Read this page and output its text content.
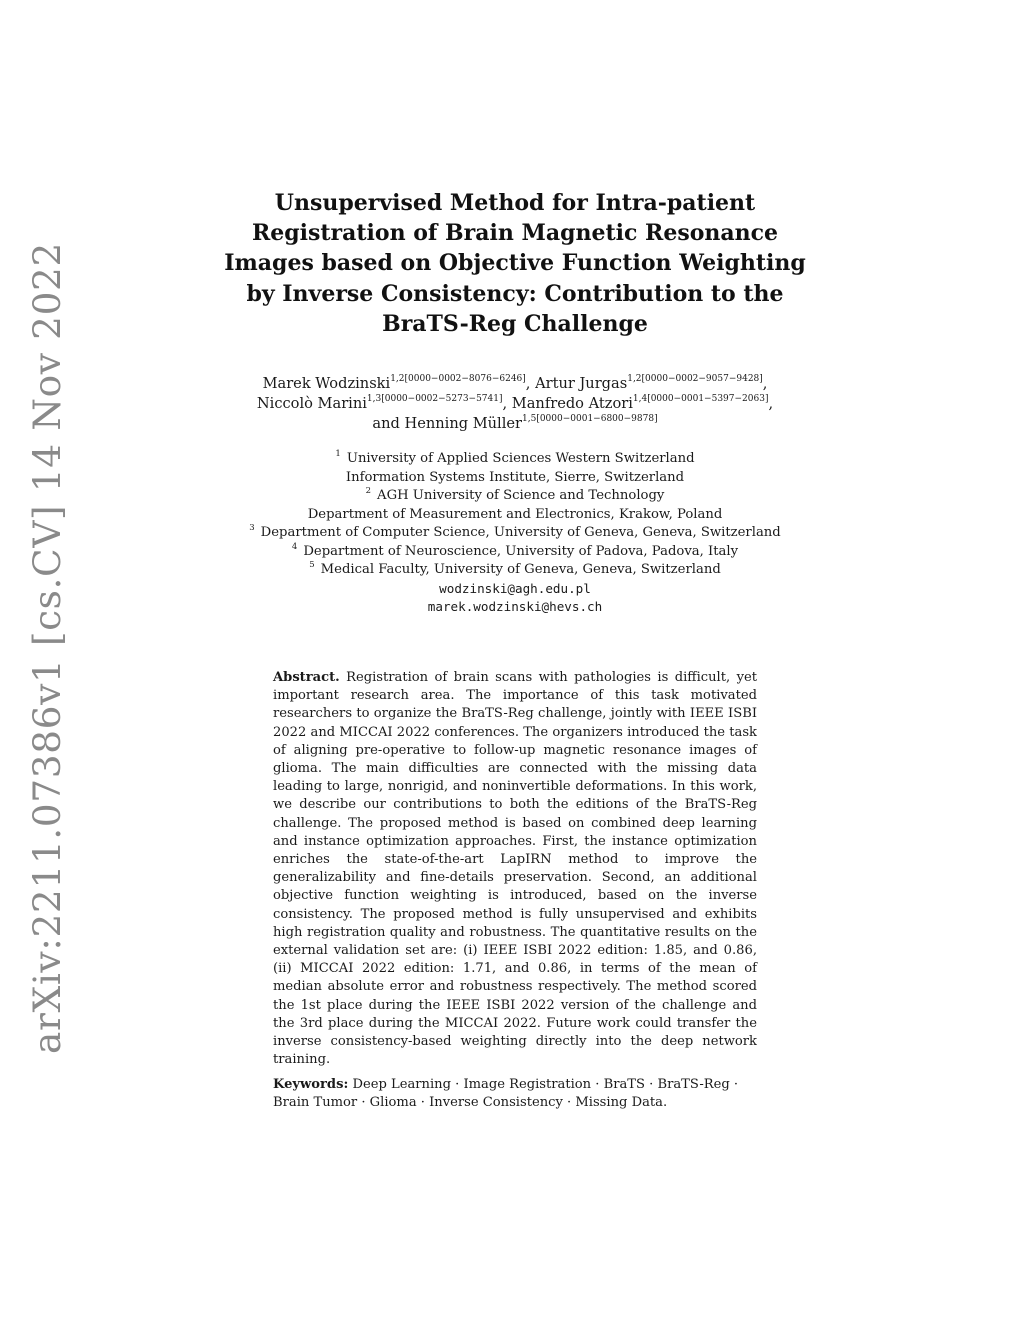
arXiv:2211.07386v1 [cs.CV] 14 Nov 2022
Unsupervised Method for Intra-patient
Registration of Brain Magnetic Resonance
Images based on Objective Function Weighting
by Inverse Consistency: Contribution to the
BraTS-Reg Challenge
Marek Wodzinski$^{1,2[0000-0002-8076-6246]}$, Artur Jurgas$^{1,2[0000-0002-9057-9428]}$,
Niccolò Marini$^{1,3[0000-0002-5273-5741]}$, Manfredo Atzori$^{1,4[0000-0001-5397-2063]}$,
and Henning Müller$^{1,5[0000-0001-6800-9878]}$
$^1$ University of Applied Sciences Western Switzerland
Information Systems Institute, Sierre, Switzerland
$^2$ AGH University of Science and Technology
Department of Measurement and Electronics, Krakow, Poland
$^3$ Department of Computer Science, University of Geneva, Geneva, Switzerland
$^4$ Department of Neuroscience, University of Padova, Padova, Italy
$^5$ Medical Faculty, University of Geneva, Geneva, Switzerland
wodzinski@agh.edu.pl
marek.wodzinski@hevs.ch
Abstract. Registration of brain scans with pathologies is difficult, yet important research area. The importance of this task motivated researchers to organize the BraTS-Reg challenge, jointly with IEEE ISBI 2022 and MICCAI 2022 conferences. The organizers introduced the task of aligning pre-operative to follow-up magnetic resonance images of glioma. The main difficulties are connected with the missing data leading to large, nonrigid, and noninvertible deformations. In this work, we describe our contributions to both the editions of the BraTS-Reg challenge. The proposed method is based on combined deep learning and instance optimization approaches. First, the instance optimization enriches the state-of-the-art LapIRN method to improve the generalizability and fine-details preservation. Second, an additional objective function weighting is introduced, based on the inverse consistency. The proposed method is fully unsupervised and exhibits high registration quality and robustness. The quantitative results on the external validation set are: (i) IEEE ISBI 2022 edition: 1.85, and 0.86, (ii) MICCAI 2022 edition: 1.71, and 0.86, in terms of the mean of median absolute error and robustness respectively. The method scored the 1st place during the IEEE ISBI 2022 version of the challenge and the 3rd place during the MICCAI 2022. Future work could transfer the inverse consistency-based weighting directly into the deep network training.
Keywords: Deep Learning · Image Registration · BraTS · BraTS-Reg · Brain Tumor · Glioma · Inverse Consistency · Missing Data.
